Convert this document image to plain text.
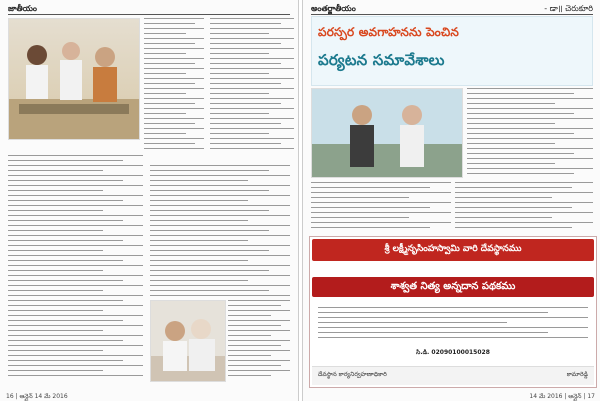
జాతీయం
16 | ఆన్లైన్ 14 మే 2016
అంతర్జాతీయం	- డా॥ చెరుకూరి
పరస్పర అవగాహనను పెంచిన
పర్యటన సమావేశాలు
శ్రీ లక్ష్మీనృసింహస్వామి వారి దేవస్థానము
శాశ్వత నిత్య అన్నదాన పథకము
సి.డి. 02090100015028
దేవస్థాన కార్యనిర్వహణాధికారి	కామారెడ్డి
14 మే 2016 | ఆన్లైన్ | 17
